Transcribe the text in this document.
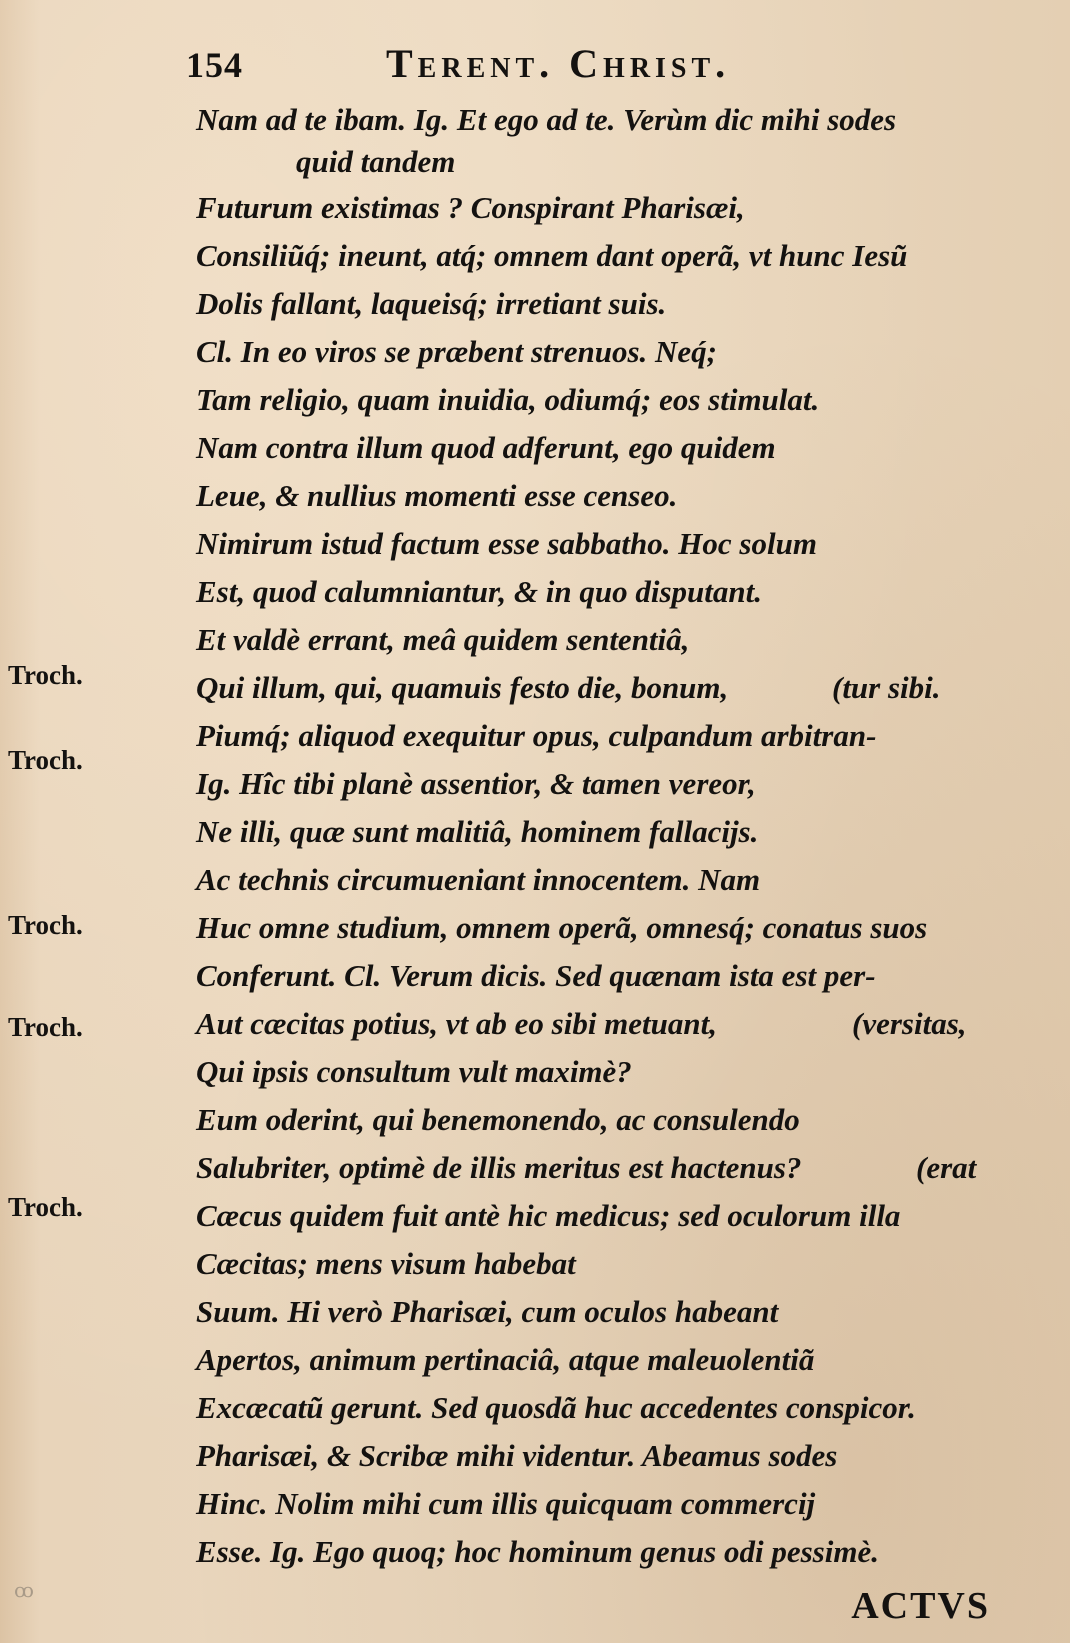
154	Terent. Christ.
Troch.
Troch.
Troch.
Troch.
Troch.
Nam ad te ibam. Ig. Et ego ad te. Verùm dic mihi sodes
quid tandem
Futurum existimas ? Conspirant Pharisæi,
Consiliũq́; ineunt, atq́; omnem dant operã, vt hunc Iesũ
Dolis fallant, laqueisq́; irretiant suis.
Cl. In eo viros se præbent strenuos. Neq́;
Tam religio, quam inuidia, odiumq́; eos stimulat.
Nam contra illum quod adferunt, ego quidem
Leue, & nullius momenti esse censeo.
Nimirum istud factum esse sabbatho. Hoc solum
Est, quod calumniantur, & in quo disputant.
Et valdè errant, meâ quidem sententiâ,
Qui illum, qui, quamuis festo die, bonum,	(tur sibi.
Piumq́; aliquod exequitur opus, culpandum arbitran-
Ig. Hîc tibi planè assentior, & tamen vereor,
Ne illi, quæ sunt malitiâ, hominem fallacijs.
Ac technis circumueniant innocentem. Nam
Huc omne studium, omnem operã, omnesq́; conatus suos
Conferunt. Cl. Verum dicis. Sed quænam ista est per-
Aut cæcitas potius, vt ab eo sibi metuant,	(versitas,
Qui ipsis consultum vult maximè?
Eum oderint, qui benemonendo, ac consulendo
Salubriter, optimè de illis meritus est hactenus?	(erat
Cæcus quidem fuit antè hic medicus; sed oculorum illa
Cæcitas; mens visum habebat
Suum. Hi verò Pharisæi, cum oculos habeant
Apertos, animum pertinaciâ, atque maleuolentiã
Excæcatũ gerunt. Sed quosdã huc accedentes conspicor.
Pharisæi, & Scribæ mihi videntur. Abeamus sodes
Hinc. Nolim mihi cum illis quicquam commercij
Esse. Ig. Ego quoq; hoc hominum genus odi pessimè.
ꝏ	ACTVS
